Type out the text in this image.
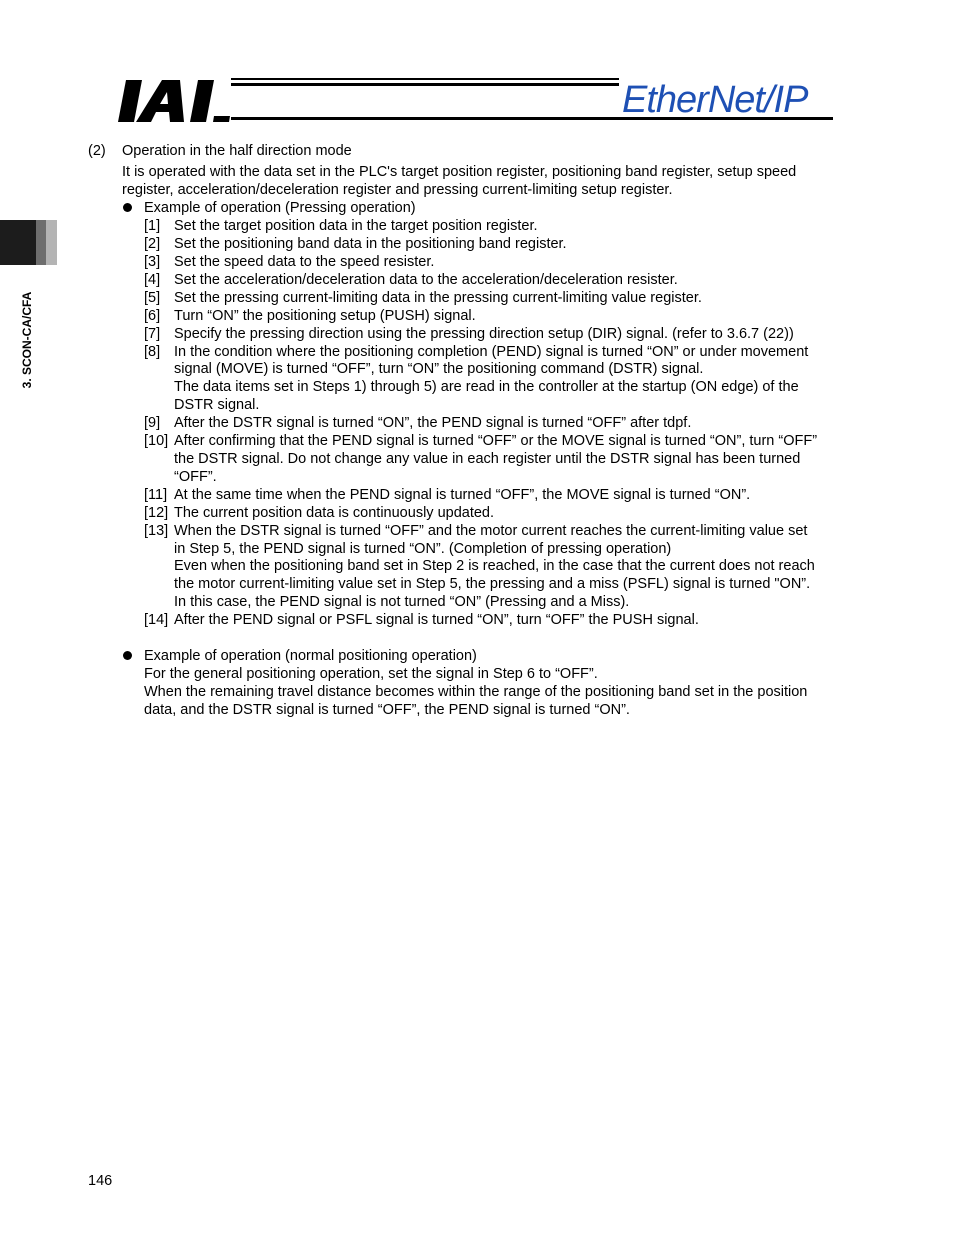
EtherNet/IP
3. SCON-CA/CFA
(2) Operation in the half direction mode
It is operated with the data set in the PLC's target position register, positioning band register, setup speed
register, acceleration/deceleration register and pressing current-limiting setup register.
Example of operation (Pressing operation)
[1] Set the target position data in the target position register.
[2] Set the positioning band data in the positioning band register.
[3] Set the speed data to the speed resister.
[4] Set the acceleration/deceleration data to the acceleration/deceleration resister.
[5] Set the pressing current-limiting data in the pressing current-limiting value register.
[6] Turn “ON” the positioning setup (PUSH) signal.
[7] Specify the pressing direction using the pressing direction setup (DIR) signal. (refer to 3.6.7 (22))
[8] In the condition where the positioning completion (PEND) signal is turned “ON” or under movement
signal (MOVE) is turned “OFF”, turn “ON” the positioning command (DSTR) signal.
The data items set in Steps 1) through 5) are read in the controller at the startup (ON edge) of the
DSTR signal.
[9] After the DSTR signal is turned “ON”, the PEND signal is turned “OFF” after tdpf.
[10] After confirming that the PEND signal is turned “OFF” or the MOVE signal is turned “ON”, turn “OFF”
the DSTR signal. Do not change any value in each register until the DSTR signal has been turned
“OFF”.
[11] At the same time when the PEND signal is turned “OFF”, the MOVE signal is turned “ON”.
[12] The current position data is continuously updated.
[13] When the DSTR signal is turned “OFF” and the motor current reaches the current-limiting value set
in Step 5, the PEND signal is turned “ON”. (Completion of pressing operation)
Even when the positioning band set in Step 2 is reached, in the case that the current does not reach
the motor current-limiting value set in Step 5, the pressing and a miss (PSFL) signal is turned "ON”.
In this case, the PEND signal is not turned “ON” (Pressing and a Miss).
[14] After the PEND signal or PSFL signal is turned “ON”, turn “OFF” the PUSH signal.
Example of operation (normal positioning operation)
For the general positioning operation, set the signal in Step 6 to “OFF”.
When the remaining travel distance becomes within the range of the positioning band set in the position
data, and the DSTR signal is turned “OFF”, the PEND signal is turned “ON”.
146
